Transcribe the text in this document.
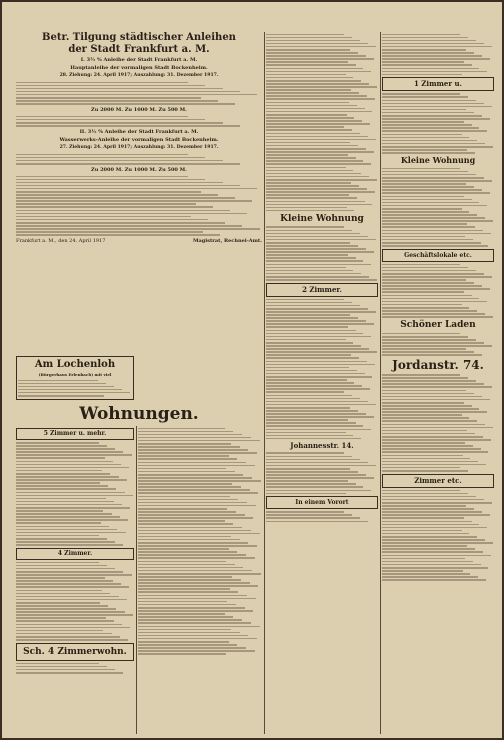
Betr. Tilgung städtischer Anleihen
der Stadt Frankfurt a. M.
I. 3½ % Anleihe der Stadt Frankfurt a. M.
Hauptanleihe der vormaligen Stadt Bockenheim.
28. Ziehung: 24. April 1917; Auszahlung: 31. Dezember 1917.
Zu 2000 M. Zu 1000 M. Zu 500 M.
II. 3½ % Anleihe der Stadt Frankfurt a. M.
Wasserwerks-Anleihe der vormaligen Stadt Bockenheim.
27. Ziehung: 24. April 1917; Auszahlung: 31. Dezember 1917.
Zu 2000 M. Zu 1000 M. Zu 500 M.
Frankfurt a. M., den 24. April 1917	Magistrat, Rechnei-Amt.
Am Lochenloh
(Bürgerhaus Erlenbach) mit viel
Wohnungen.
5 Zimmer u. mehr.
4 Zimmer.
Sch. 4 Zimmerwohn.
Kleine Wohnung
2 Zimmer.
Johannesstr. 14.
In einem Vorort
1 Zimmer u.
Kleine Wohnung
Geschäftslokale etc.
Schöner Laden
Jordanstr. 74.
Zimmer etc.
